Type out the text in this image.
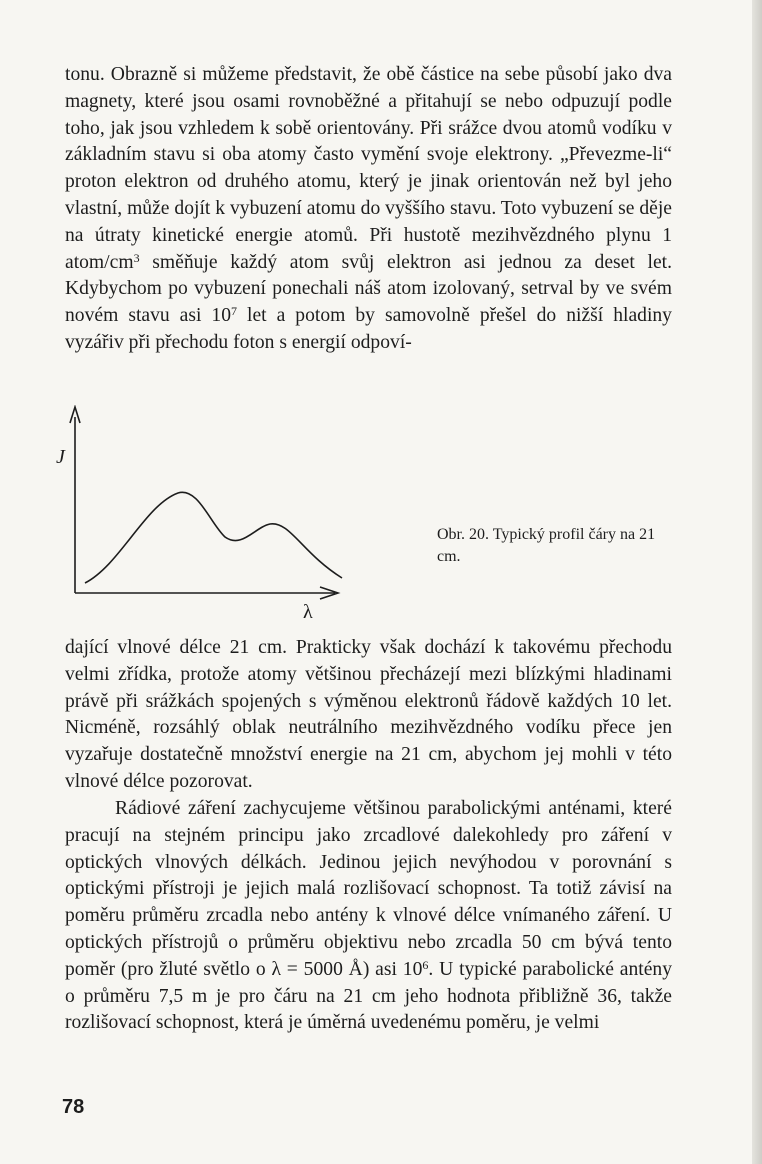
tonu. Obrazně si můžeme představit, že obě částice na sebe působí jako dva magnety, které jsou osami rovnoběžné a přitahují se nebo odpuzují podle toho, jak jsou vzhledem k sobě orientovány. Při srážce dvou atomů vodíku v základním stavu si oba atomy často vymění svoje elektrony. „Převezme-li“ proton elektron od druhého atomu, který je jinak orientován než byl jeho vlastní, může dojít k vybuzení atomu do vyššího stavu. Toto vybuzení se děje na útraty kinetické energie atomů. Při hustotě mezihvězdného plynu 1 atom/$cm^3$ směňuje každý atom svůj elektron asi jednou za deset let. Kdybychom po vybuzení ponechali náš atom izolovaný, setrval by ve svém novém stavu asi $10^7$ let a potom by samovolně přešel do nižší hladiny vyzářiv při přechodu foton s energií odpoví-

J
λ
Obr. 20. Typický profil čáry na 21 cm.

dající vlnové délce 21 cm. Prakticky však dochází k takovému přechodu velmi zřídka, protože atomy většinou přecházejí mezi blízkými hladinami právě při srážkách spojených s výměnou elektronů řádově každých 10 let. Nicméně, rozsáhlý oblak neutrálního mezihvězdného vodíku přece jen vyzařuje dostatečně množství energie na 21 cm, abychom jej mohli v této vlnové délce pozorovat.

Rádiové záření zachycujeme většinou parabolickými anténami, které pracují na stejném principu jako zrcadlové dalekohledy pro záření v optických vlnových délkách. Jedinou jejich nevýhodou v porovnání s optickými přístroji je jejich malá rozlišovací schopnost. Ta totiž závisí na poměru průměru zrcadla nebo antény k vlnové délce vnímaného záření. U optických přístrojů o průměru objektivu nebo zrcadla 50 cm bývá tento poměr (pro žluté světlo o λ = 5000 Å) asi $10^6$. U typické parabolické antény o průměru 7,5 m je pro čáru na 21 cm jeho hodnota přibližně 36, takže rozlišovací schopnost, která je úměrná uvedenému poměru, je velmi

78
